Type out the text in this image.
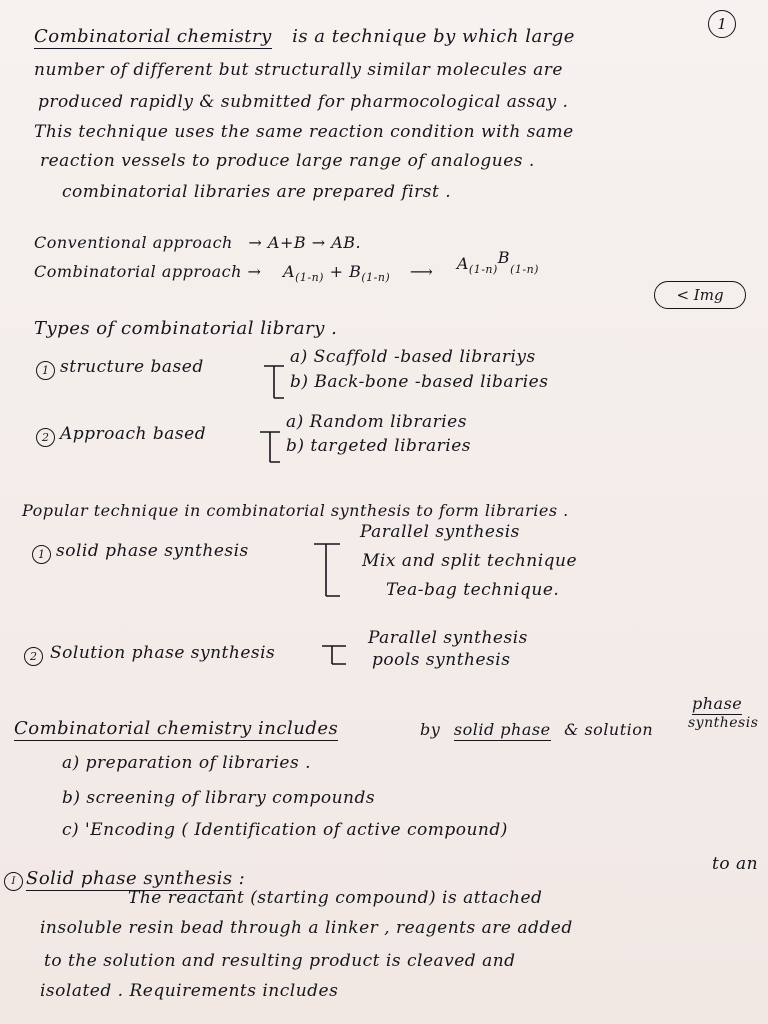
1
Combinatorial chemistry is a technique by which large
number of different but structurally similar molecules are
produced rapidly & submitted for pharmocological assay .
This technique uses the same reaction condition with same
reaction vessels to produce large range of analogues .
combinatorial libraries are prepared first .
Conventional approach → A+B → AB.
Combinatorial approach → $A_{(1-n)} + B_{(1-n)}$ ⟶ $A_{(1-n)}B_{(1-n)}$
< Img
Types of combinatorial library .
1 structure based	a) Scaffold -based librariys
b) Back-bone -based libaries
2 Approach based
a) Random libraries
b) targeted libraries
Popular technique in combinatorial synthesis to form libraries .
1 solid phase synthesis
Parallel synthesis
Mix and split technique
Tea-bag technique.
2 Solution phase synthesis
Parallel synthesis
pools synthesis
Combinatorial chemistry includes	by solid phase & solution
phase
synthesis
a) preparation of libraries .
b) screening of library compounds
c) 'Encoding ( Identification of active compound)
I Solid phase synthesis :
to an
The reactant (starting compound) is attached
insoluble resin bead through a linker , reagents are added
to the solution and resulting product is cleaved and
isolated . Requirements includes
